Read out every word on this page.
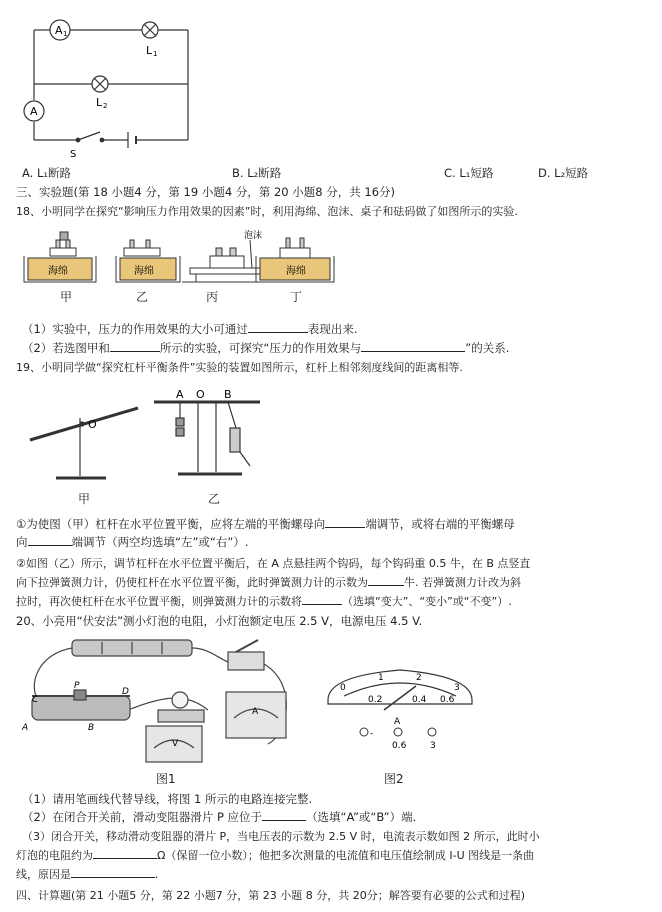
A 1
L 1
L 2
A
S
A. L₁断路	B. L₂断路	C. L₁短路	D. L₂短路
三、实验题(第 18 小题4 分，第 19 小题4 分，第 20 小题8 分，共 16分)
18、小明同学在探究“影响压力作用效果的因素”时，利用海绵、泡沫、桌子和砝码做了如图所示的实验.
海绵	海绵
泡沫
海绵
甲	乙	丙	丁
（1）实验中，压力的作用效果的大小可通过	表现出来.
（2）若选图甲和	所示的实验，可探究“压力的作用效果与	”的关系.
19、小明同学做“探究杠杆平衡条件”实验的装置如图所示，杠杆上相邻刻度线间的距离相等.
O
A O B
甲	乙
①为使图（甲）杠杆在水平位置平衡，应将左端的平衡螺母向	端调节，或将右端的平衡螺母
向	端调节（两空均选填“左”或“右”）.
②如图（乙）所示，调节杠杆在水平位置平衡后，在 A 点悬挂两个钩码，每个钩码重 0.5 牛，在 B 点竖直
向下拉弹簧测力计，仍使杠杆在水平位置平衡，此时弹簧测力计的示数为	牛. 若弹簧测力计改为斜
拉时，再次使杠杆在水平位置平衡，则弹簧测力计的示数将	（选填“变大”、“变小”或“不变”）.
20、小亮用“伏安法”测小灯泡的电阻，小灯泡额定电压 2.5 V，电源电压 4.5 V.
C
P
D
A	B
V
A
图1
0
1	2
3
0.2	0.4 0.6
A
-
0.6	3
图2
（1）请用笔画线代替导线，将图 1 所示的电路连接完整.
（2）在闭合开关前，滑动变阻器滑片 P 应位于	（选填“A”或“B”）端.
（3）闭合开关，移动滑动变阻器的滑片 P，当电压表的示数为 2.5 V 时，电流表示数如图 2 所示，此时小
灯泡的电阻约为	Ω（保留一位小数）；他把多次测量的电流值和电压值绘制成 I-U 图线是一条曲
线，原因是	.
四、计算题(第 21 小题5 分，第 22 小题7 分，第 23 小题 8 分，共 20分；解答要有必要的公式和过程)
